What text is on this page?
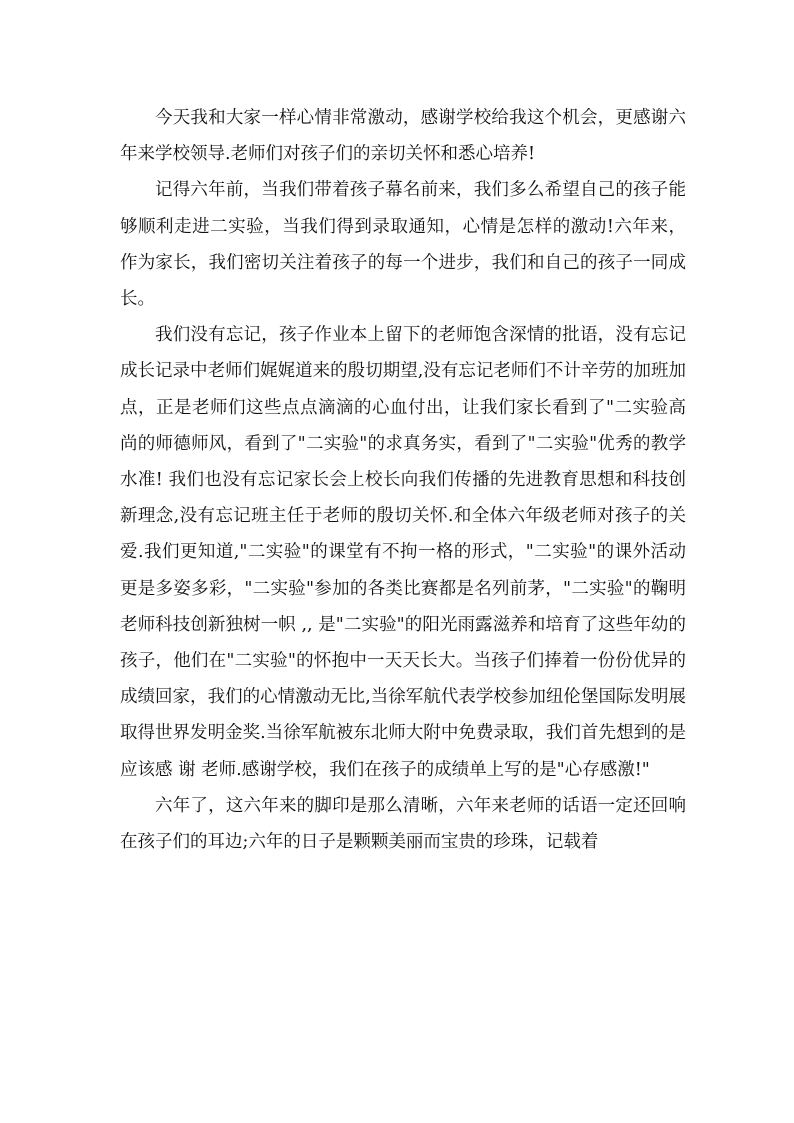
今天我和大家一样心情非常激动，感谢学校给我这个机会，更感谢六年来学校领导.老师们对孩子们的亲切关怀和悉心培养!

记得六年前，当我们带着孩子幕名前来，我们多么希望自己的孩子能够顺利走进二实验，当我们得到录取通知，心情是怎样的激动!六年来，作为家长，我们密切关注着孩子的每一个进步，我们和自己的孩子一同成长。

我们没有忘记，孩子作业本上留下的老师饱含深情的批语，没有忘记成长记录中老师们娓娓道来的殷切期望,没有忘记老师们不计辛劳的加班加点，正是老师们这些点点滴滴的心血付出，让我们家长看到了"二实验高尚的师德师风，看到了"二实验"的求真务实，看到了"二实验"优秀的教学水准! 我们也没有忘记家长会上校长向我们传播的先进教育思想和科技创新理念,没有忘记班主任于老师的殷切关怀.和全体六年级老师对孩子的关爱.我们更知道,"二实验"的课堂有不拘一格的形式，"二实验"的课外活动更是多姿多彩，"二实验"参加的各类比赛都是名列前茅，"二实验"的鞠明老师科技创新独树一帜 ,, 是"二实验"的阳光雨露滋养和培育了这些年幼的孩子，他们在"二实验"的怀抱中一天天长大。当孩子们捧着一份份优异的成绩回家，我们的心情激动无比,当徐军航代表学校参加纽伦堡国际发明展取得世界发明金奖.当徐军航被东北师大附中免费录取，我们首先想到的是应该感 谢 老师.感谢学校，我们在孩子的成绩单上写的是"心存感激!"

六年了，这六年来的脚印是那么清晰，六年来老师的话语一定还回响在孩子们的耳边;六年的日子是颗颗美丽而宝贵的珍珠，记载着
